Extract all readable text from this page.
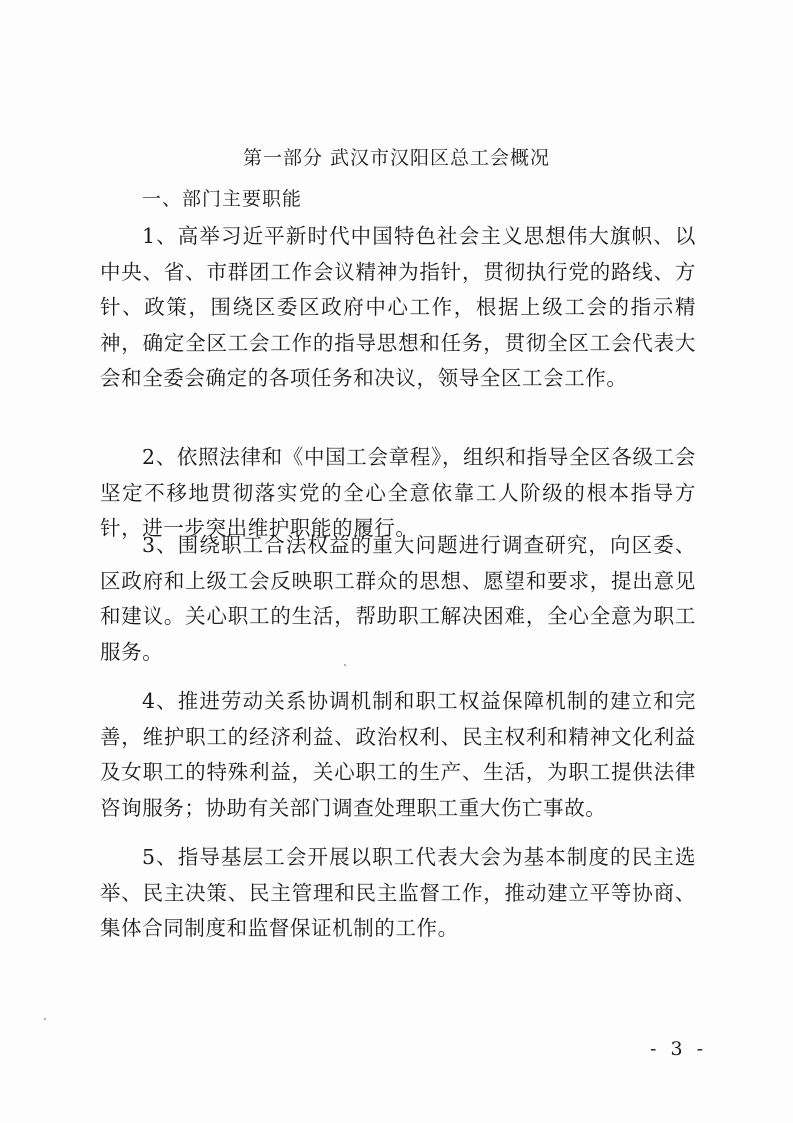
第一部分 武汉市汉阳区总工会概况
一、部门主要职能

1、高举习近平新时代中国特色社会主义思想伟大旗帜、以中央、省、市群团工作会议精神为指针，贯彻执行党的路线、方针、政策，围绕区委区政府中心工作，根据上级工会的指示精神，确定全区工会工作的指导思想和任务，贯彻全区工会代表大会和全委会确定的各项任务和决议，领导全区工会工作。

2、依照法律和《中国工会章程》，组织和指导全区各级工会坚定不移地贯彻落实党的全心全意依靠工人阶级的根本指导方针，进一步突出维护职能的履行。

3、围绕职工合法权益的重大问题进行调查研究，向区委、区政府和上级工会反映职工群众的思想、愿望和要求，提出意见和建议。关心职工的生活，帮助职工解决困难，全心全意为职工服务。

4、推进劳动关系协调机制和职工权益保障机制的建立和完善，维护职工的经济利益、政治权利、民主权利和精神文化利益及女职工的特殊利益，关心职工的生产、生活，为职工提供法律咨询服务；协助有关部门调查处理职工重大伤亡事故。

5、指导基层工会开展以职工代表大会为基本制度的民主选举、民主决策、民主管理和民主监督工作，推动建立平等协商、集体合同制度和监督保证机制的工作。

- 3 -
